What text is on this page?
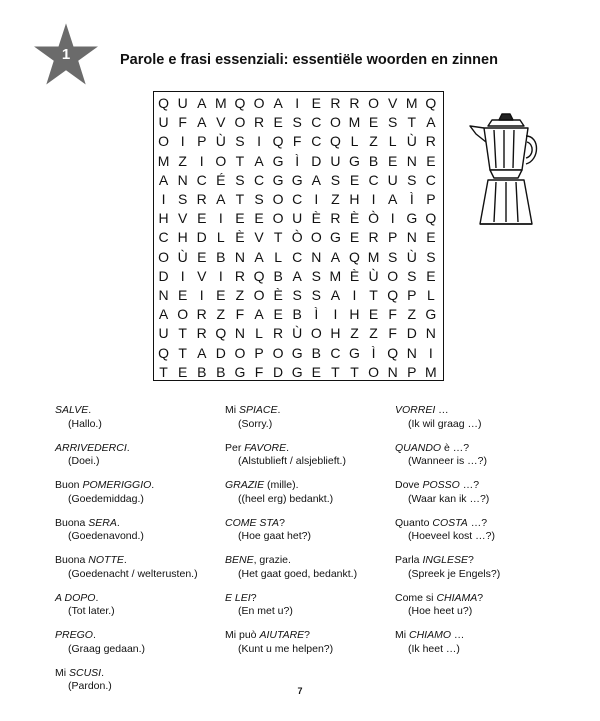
1	Parole e frasi essenziali: essentiële woorden en zinnen
Q U A M Q O A I E R R O V M Q
U F A V O R E S C O M E S T A
O I P Ù S I Q F C Q L Z L Ù R
M Z I O T A G Ì D U G B E N E
A N C É S C G G A S E C U S C
I S R A T S O C I Z H I A Ì P
H V E I E E O U È R È Ò I G Q
C H D L È V T Ò O G E R P N E
O Ù E B N A L C N A Q M S Ù S
D I V I R Q B A S M È Ù O S E
N E I E Z O È S S A I T Q P L
A O R Z F A E B Ì	I H E F Z G
U T R Q N L R Ù O H Z Z F D N
Q T A D O P O G B C G Ì Q N I
T E B B G F D G E T T O N P M
SALVE.
(Hallo.)
ARRIVEDERCI.
(Doei.)
Buon POMERIGGIO.
(Goedemiddag.)
Buona SERA.
(Goedenavond.)
Buona NOTTE.
(Goedenacht / welterusten.)
A DOPO.
(Tot later.)
PREGO.
(Graag gedaan.)
Mi SCUSI.
(Pardon.)
Mi SPIACE.
(Sorry.)
Per FAVORE.
(Alstublieft / alsjeblieft.)
GRAZIE (mille).
((heel erg) bedankt.)
COME STA?
(Hoe gaat het?)
BENE, grazie.
(Het gaat goed, bedankt.)
E LEI?
(En met u?)
Mi può AIUTARE?
(Kunt u me helpen?)
VORREI …
(Ik wil graag …)
QUANDO è …?
(Wanneer is …?)
Dove POSSO …?
(Waar kan ik …?)
Quanto COSTA …?
(Hoeveel kost …?)
Parla INGLESE?
(Spreek je Engels?)
Come si CHIAMA?
(Hoe heet u?)
Mi CHIAMO …
(Ik heet …)
7
